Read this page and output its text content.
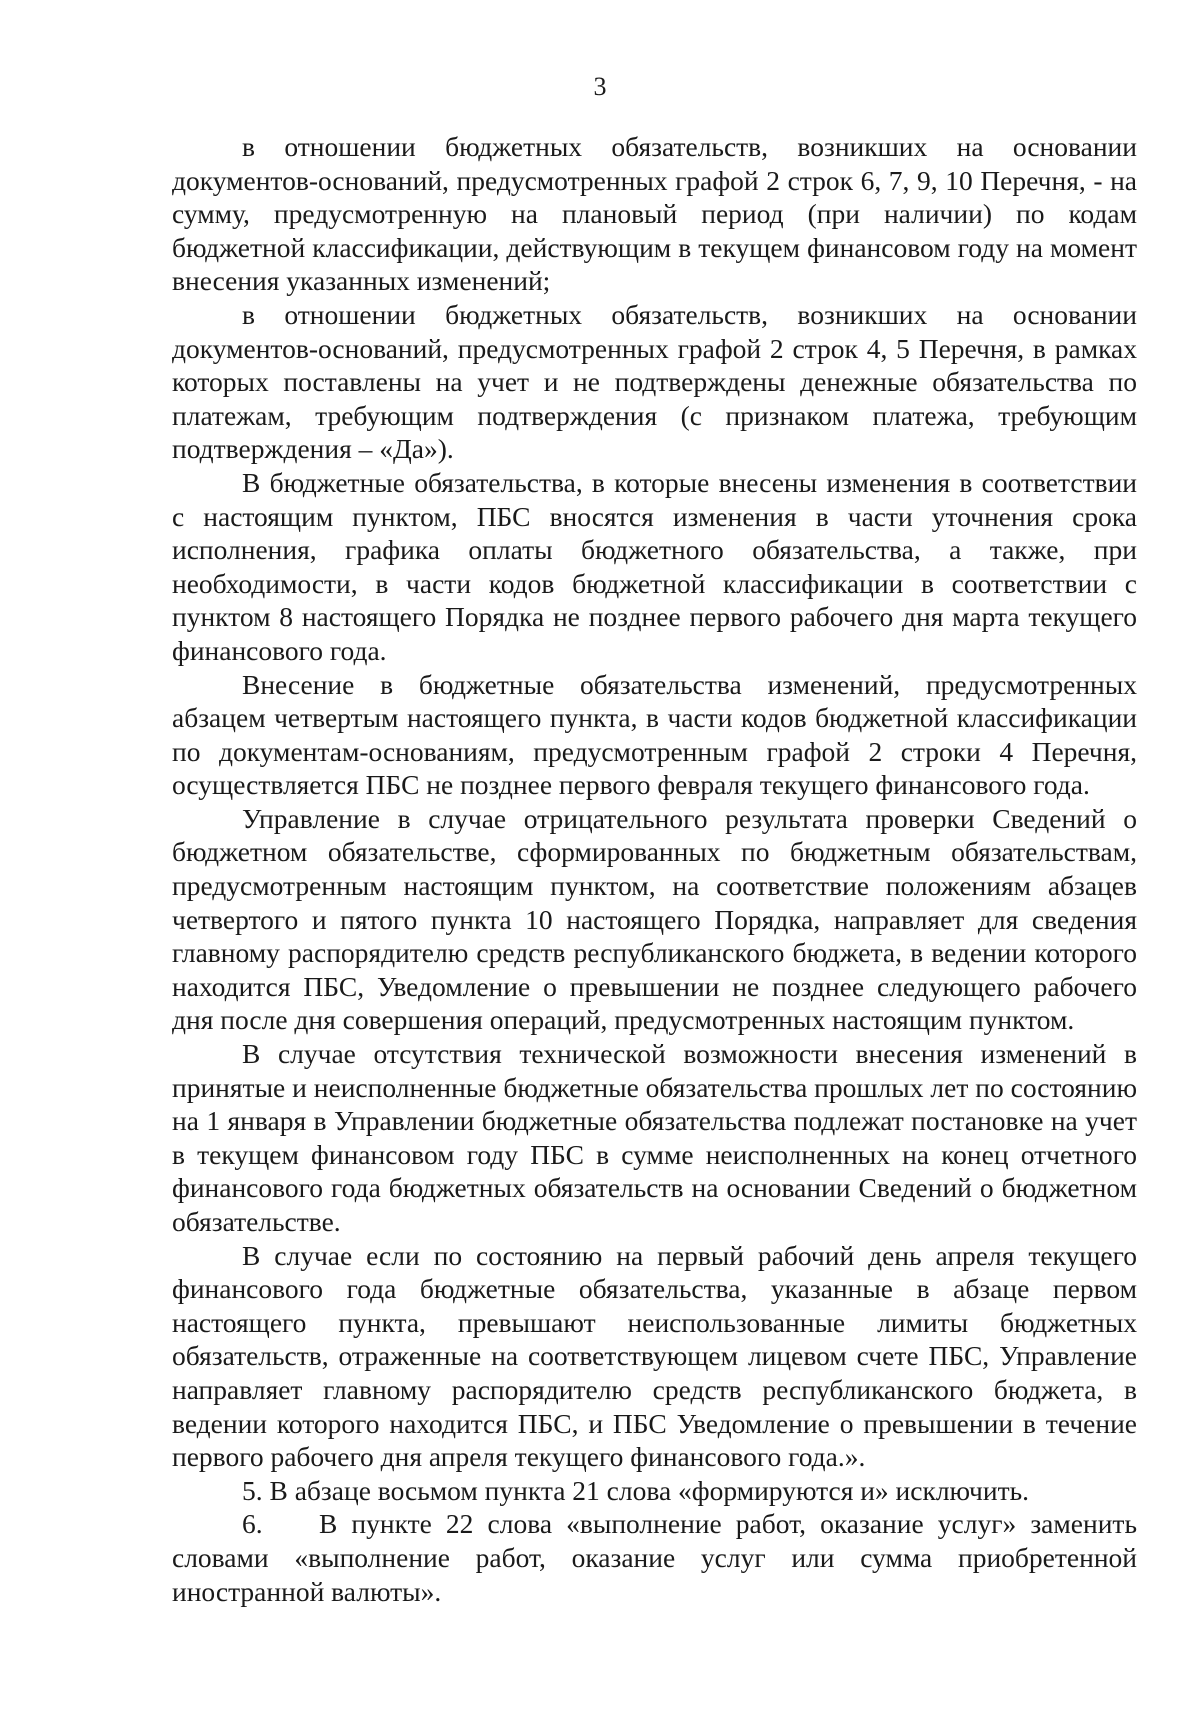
3

в отношении бюджетных обязательств, возникших на основании документов-оснований, предусмотренных графой 2 строк 6, 7, 9, 10 Перечня, - на сумму, предусмотренную на плановый период (при наличии) по кодам бюджетной классификации, действующим в текущем финансовом году на момент внесения указанных изменений;

в отношении бюджетных обязательств, возникших на основании документов-оснований, предусмотренных графой 2 строк 4, 5 Перечня, в рамках которых поставлены на учет и не подтверждены денежные обязательства по платежам, требующим подтверждения (с признаком платежа, требующим подтверждения – «Да»).

В бюджетные обязательства, в которые внесены изменения в соответствии с настоящим пунктом, ПБС вносятся изменения в части уточнения срока исполнения, графика оплаты бюджетного обязательства, а также, при необходимости, в части кодов бюджетной классификации в соответствии с пунктом 8 настоящего Порядка не позднее первого рабочего дня марта текущего финансового года.

Внесение в бюджетные обязательства изменений, предусмотренных абзацем четвертым настоящего пункта, в части кодов бюджетной классификации по документам-основаниям, предусмотренным графой 2 строки 4 Перечня, осуществляется ПБС не позднее первого февраля текущего финансового года.

Управление в случае отрицательного результата проверки Сведений о бюджетном обязательстве, сформированных по бюджетным обязательствам, предусмотренным настоящим пунктом, на соответствие положениям абзацев четвертого и пятого пункта 10 настоящего Порядка, направляет для сведения главному распорядителю средств республиканского бюджета, в ведении которого находится ПБС, Уведомление о превышении не позднее следующего рабочего дня после дня совершения операций, предусмотренных настоящим пунктом.

В случае отсутствия технической возможности внесения изменений в принятые и неисполненные бюджетные обязательства прошлых лет по состоянию на 1 января в Управлении бюджетные обязательства подлежат постановке на учет в текущем финансовом году ПБС в сумме неисполненных на конец отчетного финансового года бюджетных обязательств на основании Сведений о бюджетном обязательстве.

В случае если по состоянию на первый рабочий день апреля текущего финансового года бюджетные обязательства, указанные в абзаце первом настоящего пункта, превышают неиспользованные лимиты бюджетных обязательств, отраженные на соответствующем лицевом счете ПБС, Управление направляет главному распорядителю средств республиканского бюджета, в ведении которого находится ПБС, и ПБС Уведомление о превышении в течение первого рабочего дня апреля текущего финансового года.».

5. В абзаце восьмом пункта 21 слова «формируются и» исключить.

6.    В пункте 22 слова «выполнение работ, оказание услуг» заменить словами «выполнение работ, оказание услуг или сумма приобретенной иностранной валюты».
